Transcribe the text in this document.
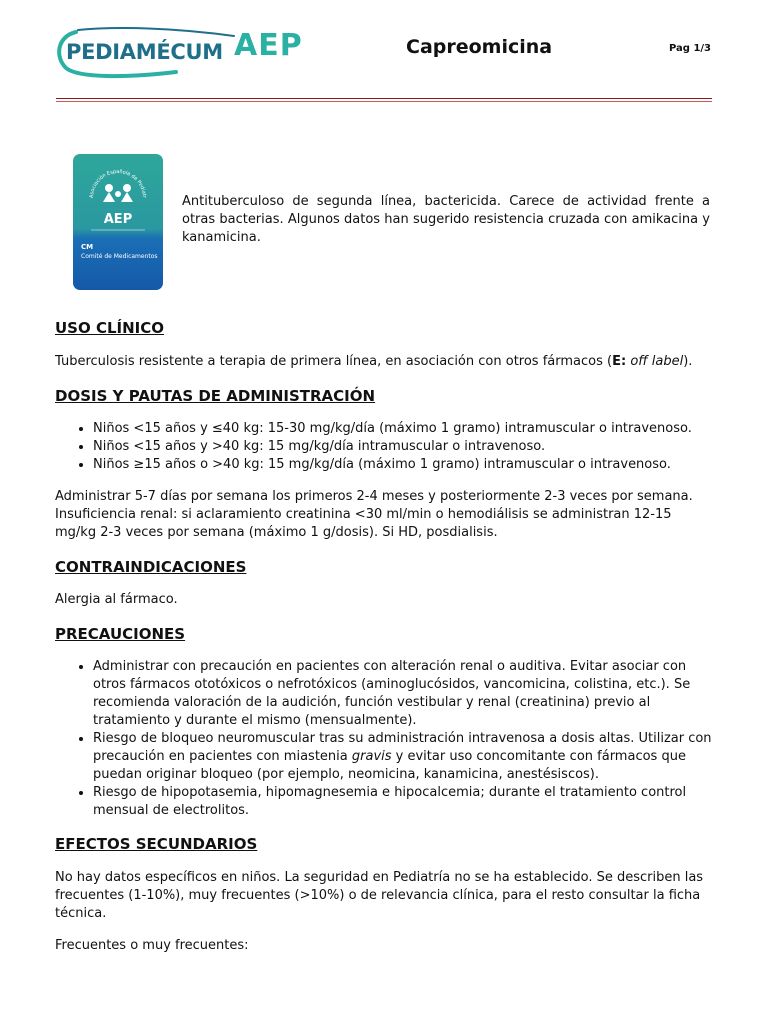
PEDIAMÉCUM AEP	Capreomicina	Pag 1/3
Asociación Española de Pediatr
AEP
CM
Comité de Medicamentos

Antituberculoso de segunda línea, bactericida. Carece de actividad frente a otras bacterias. Algunos datos han sugerido resistencia cruzada con amikacina y kanamicina.

USO CLÍNICO

Tuberculosis resistente a terapia de primera línea, en asociación con otros fármacos (E: off label).

DOSIS Y PAUTAS DE ADMINISTRACIÓN
• Niños <15 años y ≤40 kg: 15-30 mg/kg/día (máximo 1 gramo) intramuscular o intravenoso.
• Niños <15 años y >40 kg: 15 mg/kg/día intramuscular o intravenoso.
• Niños ≥15 años o >40 kg: 15 mg/kg/día (máximo 1 gramo) intramuscular o intravenoso.

Administrar 5-7 días por semana los primeros 2-4 meses y posteriormente 2-3 veces por semana.

Insuficiencia renal: si aclaramiento creatinina <30 ml/min o hemodiálisis se administran 12-15 mg/kg 2-3 veces por semana (máximo 1 g/dosis). Si HD, posdialisis.

CONTRAINDICACIONES

Alergia al fármaco.

PRECAUCIONES
• Administrar con precaución en pacientes con alteración renal o auditiva. Evitar asociar con otros fármacos ototóxicos o nefrotóxicos (aminoglucósidos, vancomicina, colistina, etc.). Se recomienda valoración de la audición, función vestibular y renal (creatinina) previo al tratamiento y durante el mismo (mensualmente).
• Riesgo de bloqueo neuromuscular tras su administración intravenosa a dosis altas. Utilizar con precaución en pacientes con miastenia gravis y evitar uso concomitante con fármacos que puedan originar bloqueo (por ejemplo, neomicina, kanamicina, anestésiscos).
• Riesgo de hipopotasemia, hipomagnesemia e hipocalcemia; durante el tratamiento control mensual de electrolitos.
EFECTOS SECUNDARIOS

No hay datos específicos en niños. La seguridad en Pediatría no se ha establecido. Se describen las frecuentes (1-10%), muy frecuentes (>10%) o de relevancia clínica, para el resto consultar la ficha técnica.

Frecuentes o muy frecuentes:
